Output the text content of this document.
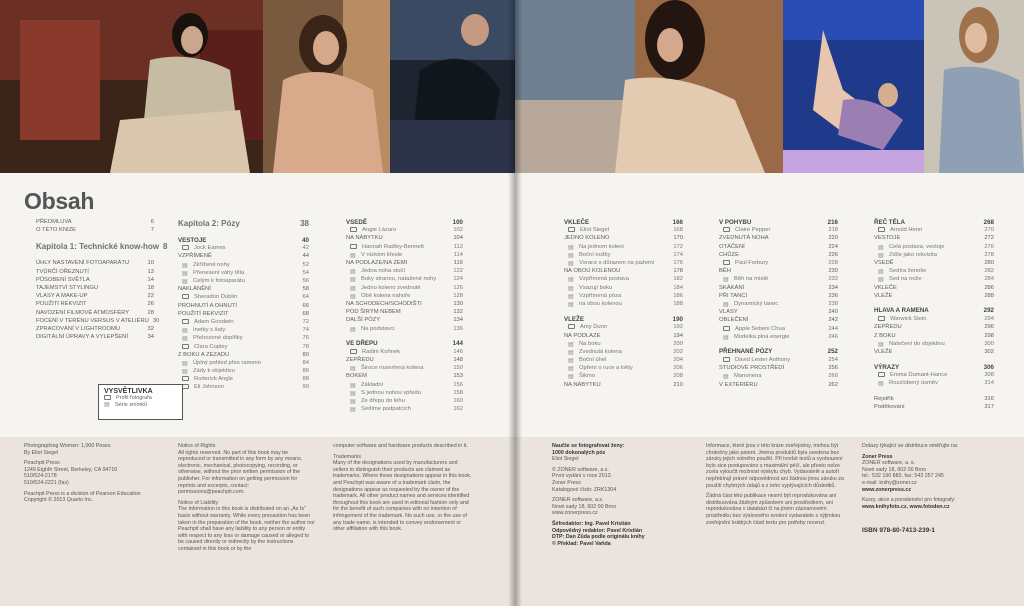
Obsah
PŘEDMLUVA	6
O TÉTO KNIZE	7
Kapitola 1: Technické know-how 8
ÚHLY NASTAVENÍ FOTOAPARÁTU	10
TVŮRČÍ OŘEZNUTÍ	13
PŮSOBENÍ SVĚTLA	14
TAJEMSTVÍ STYLINGU	18
VLASY A MAKE-UP	22
POUŽITÍ REKVIZIT	26
NAVOZENÍ FILMOVÉ ATMOSFÉRY	28
FOCENÍ V TERÉNU VERSUS V ATELIÉRU 30
ZPRACOVÁNÍ V LIGHTROOMU	32
DIGITÁLNÍ ÚPRAVY A VYLEPŠENÍ	34
Kapitola 2: Pózy	38
VESTOJE	40
Jock Eames	42
VZPŘÍMENĚ	44
▤ Zkřížené nohy	52
▤ Přenesení váhy těla	54
▤ Celým k fotoaparátu	56
NAKLÁNĚNÍ	58
Sheradon Dublin	64
PROHNUTÍ A OHNUTÍ	66
POUŽITÍ REKVIZIT	68
Adam Goodwin	72
▤ Inetky s šaty	74
▤ Přehozené doplňky	76
Clara Copley	78
Z BOKU A ZEZADU	80
▤ Úplný pohled přes rameno	84
▤ Zády k objektivu	86
Roderick Angle	88
Eli Johnson	90
VSEDĚ	100
Angie Lázaro	102
NA NÁBYTKU	104
Hannah Radley-Bennett	112
▤ V nízkém křesle	114
NA PODLAZE/NA ZEMI	116
▤ Jedna noha stočí	122
▤ Boky stranou, natažené nohy	124
▤ Jedno koleno zvednuté	126
▤ Obě kolena nahoře	128
NA SCHODECH/SCHODIŠTI	130
POD ŠIRÝM NEBEM	132
DALŠÍ PÓZY	134
▤ Na podstavci	136
VE DŘEPU	144
Radim Koňnek	146
ZEPŘEDU	148
▤ Široce rozevřená kolena	150
BOKEM	153
▤ Základní	156
▤ S jednou nohou vpředu	158
▤ Ze dřepu do lehu	160
▤ Sedíme podpatcích	162
VKLEČE	166
Eliot Siegel	168
JEDNO KOLENO	170
▤ Na jednom koleni	172
▤ Boční nožky	174
▤ Vsrace s důrazem na pažemi	176
NA OBOU KOLENOU	178
▤ Vzpřímená postava	182
▤ Vsazují boku	184
▤ Vzpřímená póza	186
▤ na obou kolenou	188
VLEŽE	190
Amy Dunn	192
NA PODLAZE	194
▤ Na boku	200
▤ Zvednutá kolena	202
▤ Boční úhel	204
▤ Opření o ruce a lokty	206
▤ Šikmo	208
NA NÁBYTKU	210
V POHYBU	216
Claire Pepper	218
ZVEDNUTÁ NOHA	220
OTÁČENÍ	224
CHŮZE	226
Paul Forbury	228
BĚH	230
▤ Běh na místě	232
SKÁKÁNÍ	234
PŘI TANCI	236
▤ Dynamický tanec	238
VLASY	240
OBLEČENÍ	242
Apple Sebeni Chua	244
▤ Modelka plná energie	246
PŘEHNANÉ PÓZY	252
David Lester Anthony	254
STUDIOVÉ PROSTŘEDÍ	256
▤ Manonena	260
V EXTERIÉRU	262
ŘEČ TĚLA	268
Arnold Henri	270
VESTOJE	272
▤ Celá postava, vestoje	276
▤ Zdíle jako rekvizita	278
VSEDĚ	280
▤ Sedíra ženoše	282
▤ Sed na nože	284
VKLEČE	286
VLEŽE	288
HLAVA A RAMENA	292
Warwick Stein	294
ZEPŘEDU	296
Z BOKU	298
▤ Natočení do objektivu	300
VLEŽE	302
VÝRAZY	306
Emma Dumant-Hance	308
▤ Rozzlobený úsměv	314
Rejstřík	316
Poděkování	317
VYSVĚTLIVKA
Profil fotografa
▤ Série snímků

Photographing Women: 1,000 Poses
By Eliot Siegel

Peachpit Press
1249 Eighth Street, Berkeley, CA 94710
510/524-2178
510/524-2221 (fax)

Peachpit Press is a division of Pearson Education
Copyright © 2013 Quarto Inc.

Notice of Rights
All rights reserved. No part of this book may be reproduced or transmitted in any form by any means, electronic, mechanical, photocopying, recording, or otherwise, without the prior written permission of the publisher. For information on getting permission for reprints and excerpts, contact: permissions@peachpit.com.

Notice of Liability
The information in this book is distributed on an „As Is" basis without warranty. While every precaution has been taken in the preparation of the book, neither the author nor Peachpit shall have any liability to any person or entity with respect to any loss or damage caused or alleged to be caused directly or indirectly by the instructions contained in this book or by the

computer software and hardware products described in it.

Trademarks
Many of the designations used by manufacturers and sellers to distinguish their products are claimed as trademarks. Where those designations appear in this book, and Peachpit was aware of a trademark claim, the designations appear as requested by the owner of the trademark. All other product names and services identified throughout this book are used in editorial fashion only and for the benefit of such companies with no intention of infringement of the trademark. No such use, or the use of any trade name, is intended to convey endorsement or other affiliation with this book.

Naučte se fotografovat ženy:
1000 dokonalých póz
Eliot Siegel

© ZONER software, a.s.
První vydání v roce 2013.
Zoner Press
Katalogové číslo: ZRK1304

ZONER software, a.s.
Nové sady 18, 602 00 Brno
www.zonerpress.cz

Šéfredaktor: Ing. Pavel Kristián
Odpovědný redaktor: Pavel Kristián
DTP: Dan Zůda podle originálu knihy
© Překlad: Pavel Vaňda

Informace, které jsou v této knize zveřejněny, mohou být chráněny jako patent. Jména produktů byla uvedena bez záruky jejich volného použití. Při tvorbě textů a vyobrazení bylo sice postupováno s maximální péčí, ale přesto nelze zcela vyloučit možnost výskytu chyb. Vydavatelé a autoři nepřebírají právní odpovědnost ani žádnou jinou záruku za použití chybných údajů a z toho vyplývajících důsledků.

Žádná část této publikace nesmí být reprodukována ani distribuována žádným způsobem ani prostředkem, ani reprodukována v databázi či na jiném záznamovém prostředku bez výslovného svolení vydavatele s výjimkou zveřejnění krátkých částí textu pro potřeby recenzí.

Dotazy týkající se distribuce směřujte na:

Zoner Press
ZONER software, a. s.
Nové sady 18, 602 00 Brno
tel.: 532 190 883, fax: 543 257 245
e-mail: knihy@zoner.cz
www.zonerpress.cz

Kurzy, akce a poradenství pro fotografy:
www.knihyfoto.cz, www.fotoden.cz

ISBN 978-80-7413-239-1
